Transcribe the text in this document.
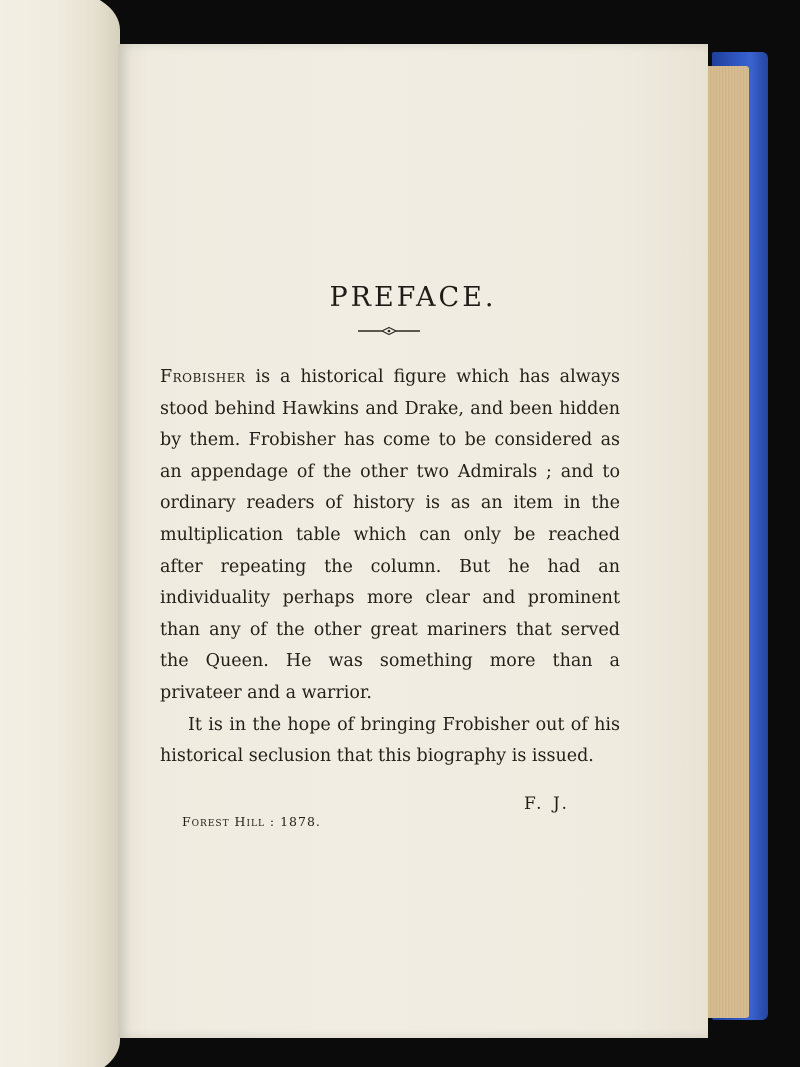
PREFACE.

Frobisher is a historical figure which has always stood behind Hawkins and Drake, and been hidden by them. Frobisher has come to be considered as an appendage of the other two Admirals ; and to ordinary readers of history is as an item in the multiplication table which can only be reached after repeating the column. But he had an individuality perhaps more clear and prominent than any of the other great mariners that served the Queen. He was something more than a privateer and a warrior.

It is in the hope of bringing Frobisher out of his historical seclusion that this biography is issued.

F. J.
Forest Hill : 1878.
